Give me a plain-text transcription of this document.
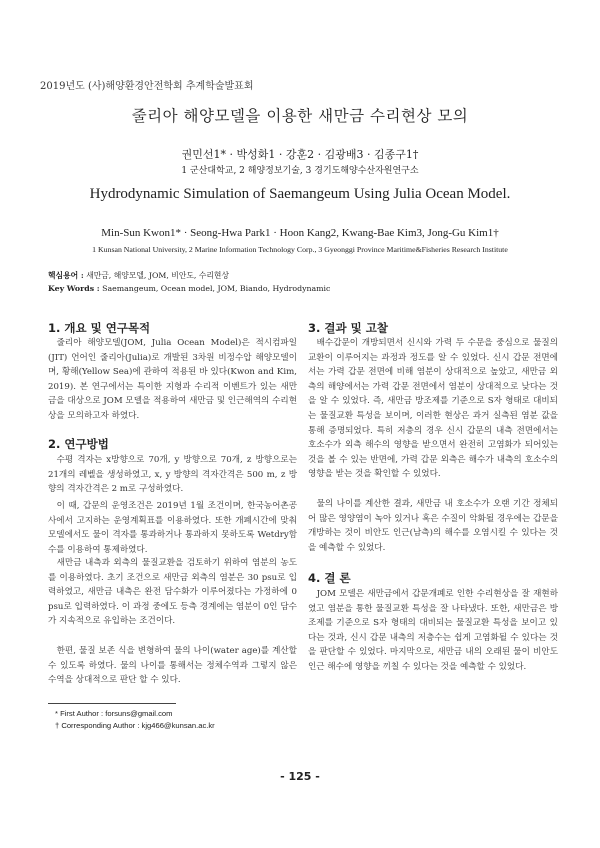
2019년도 (사)해양환경안전학회 추계학술발표회
줄리아 해양모델을 이용한 새만금 수리현상 모의
권민선1* · 박성화1 · 강훈2 · 김광배3 · 김종구1†
1 군산대학교, 2 해양정보기술, 3 경기도해양수산자원연구소
Hydrodynamic Simulation of Saemangeum Using Julia Ocean Model.
Min-Sun Kwon1* · Seong-Hwa Park1 · Hoon Kang2, Kwang-Bae Kim3, Jong-Gu Kim1†
1 Kunsan National University, 2 Marine Information Technology Corp., 3 Gyeonggi Province Maritime&Fisheries Research Institute
핵심용어 : 새만금, 해양모델, JOM, 비안도, 수리현상
Key Words : Saemangeum, Ocean model, JOM, Biando, Hydrodynamic
1. 개요 및 연구목적
줄리아 해양모델(JOM, Julia Ocean Model)은 적시컴파일(JIT) 언어인 줄리아(Julia)로 개발된 3차원 비정수압 해양모델이며, 황해(Yellow Sea)에 관하여 적용된 바 있다(Kwon and Kim, 2019). 본 연구에서는 특이한 지형과 수리적 이벤트가 있는 새만금을 대상으로 JOM 모델을 적용하여 새만금 및 인근해역의 수리현상을 모의하고자 하였다.
2. 연구방법
수평 격자는 x방향으로 70개, y 방향으로 70개, z 방향으로는 21개의 레벨을 생성하였고, x, y 방향의 격자간격은 500 m, z 방향의 격자간격은 2 m로 구성하였다.
이 때, 갑문의 운영조건은 2019년 1월 조건이며, 한국농어촌공사에서 고지하는 운영계획표를 이용하였다. 또한 개폐시간에 맞춰 모델에서도 물이 격자를 통과하거나 통과하지 못하도록 Wetdry함수를 이용하여 통제하였다.
새만금 내측과 외측의 물질교환을 검토하기 위하여 염분의 농도를 이용하였다. 초기 조건으로 새만금 외측의 염분은 30 psu로 입력하였고, 새만금 내측은 완전 담수화가 이루어졌다는 가정하에 0 psu로 입력하였다. 이 과정 중에도 등측 경계에는 염분이 0인 담수가 지속적으로 유입하는 조건이다.
한편, 물질 보존 식을 변형하여 물의 나이(water age)를 계산할 수 있도록 하였다. 물의 나이를 통해서는 정체수역과 그렇지 않은 수역을 상대적으로 판단 할 수 있다.
3. 결과 및 고찰
배수갑문이 개방되면서 신시와 가력 두 수문을 중심으로 물질의 교환이 이루어지는 과정과 정도를 알 수 있었다. 신시 갑문 전면에서는 가력 갑문 전면에 비해 염분이 상대적으로 높았고, 새만금 외측의 해양에서는 가력 갑문 전면에서 염분이 상대적으로 낮다는 것을 알 수 있었다. 즉, 새만금 방조제를 기준으로 S자 형태로 대비되는 물질교환 특성을 보이며, 이러한 현상은 과거 실측된 염분 값을 통해 증명되었다. 특히 저층의 경우 신시 갑문의 내측 전면에서는 호소수가 외측 해수의 영향을 받으면서 완전히 고염화가 되어있는 것을 볼 수 있는 반면에, 가력 갑문 외측은 해수가 내측의 호소수의 영향을 받는 것을 확인할 수 있었다.
물의 나이를 계산한 결과, 새만금 내 호소수가 오랜 기간 정체되어 많은 영양염이 녹아 있거나 혹은 수질이 악화될 경우에는 갑문을 개방하는 것이 비안도 인근(남측)의 해수를 오염시킬 수 있다는 것을 예측할 수 있었다.
4. 결 론
JOM 모델은 새만금에서 갑문개폐로 인한 수리현상을 잘 재현하였고 염분을 통한 물질교환 특성을 잘 나타냈다. 또한, 새만금은 방조제를 기준으로 S자 형태의 대비되는 물질교환 특성을 보이고 있다는 것과, 신시 갑문 내측의 저층수는 쉽게 고염화될 수 있다는 것을 판단할 수 있었다. 마지막으로, 새만금 내의 오래된 물이 비안도 인근 해수에 영향을 끼칠 수 있다는 것을 예측할 수 있었다.
* First Author : forsuns@gmail.com
† Corresponding Author : kjg466@kunsan.ac.kr
- 125 -
